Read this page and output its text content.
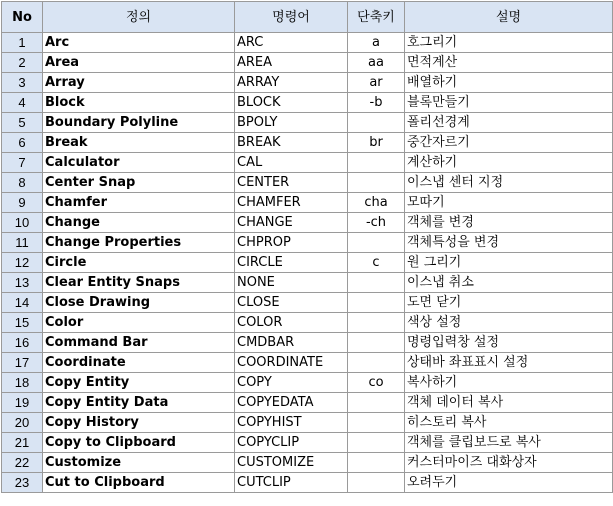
No	정의	명령어	단축키	설명
1	Arc	ARC	a	호그리기
2	Area	AREA	aa	면적계산
3	Array	ARRAY	ar	배열하기
4	Block	BLOCK	-b	블록만들기
5	Boundary Polyline	BPOLY		폴리선경계
6	Break	BREAK	br	중간자르기
7	Calculator	CAL		계산하기
8	Center Snap	CENTER		이스냅 센터 지정
9	Chamfer	CHAMFER	cha	모따기
10	Change	CHANGE	-ch	객체를 변경
11	Change Properties	CHPROP		객체특성을 변경
12	Circle	CIRCLE	c	원 그리기
13	Clear Entity Snaps	NONE		이스냅 취소
14	Close Drawing	CLOSE		도면 닫기
15	Color	COLOR		색상 설정
16	Command Bar	CMDBAR		명령입력창 설정
17	Coordinate	COORDINATE		상태바 좌표표시 설정
18	Copy Entity	COPY	co	복사하기
19	Copy Entity Data	COPYEDATA		객체 데이터 복사
20	Copy History	COPYHIST		히스토리 복사
21	Copy to Clipboard	COPYCLIP		객체를 클립보드로 복사
22	Customize	CUSTOMIZE		커스터마이즈 대화상자
23	Cut to Clipboard	CUTCLIP		오려두기
